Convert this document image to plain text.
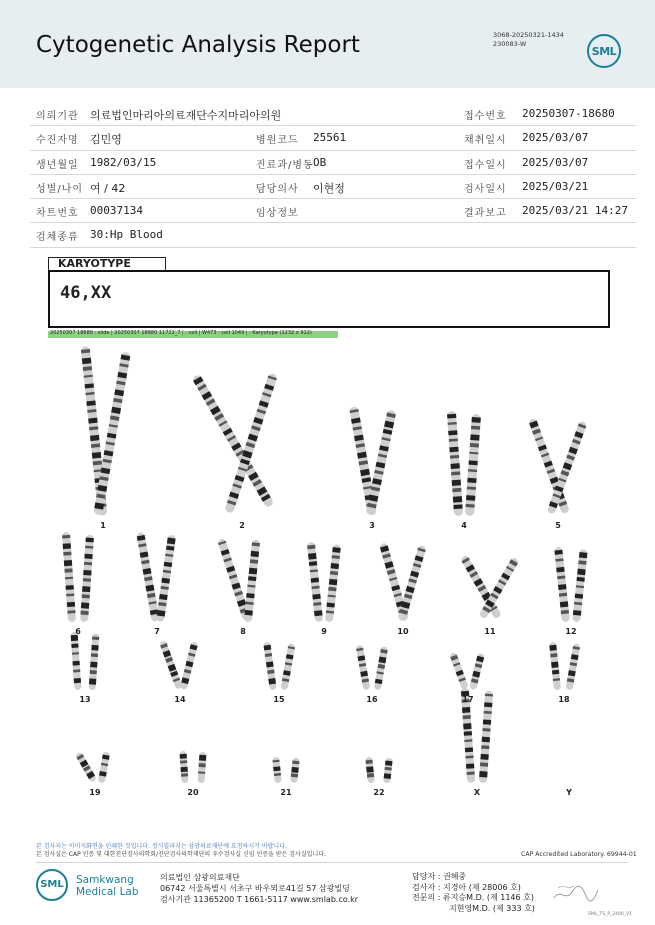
Cytogenetic Analysis Report	3068-20250321-1434
230083-W
SML
의뢰기관 의료법인마리아의료재단수지마리아의원	접수번호 20250307-18680
수진자명 김민영	병원코드 25561	채취일시 2025/03/07
생년월일 1982/03/15	진료과/병동 OB	접수일시 2025/03/07
성별/나이 여 / 42	담당의사 이현정	검사일시 2025/03/21
차트번호 00037134	임상정보	결과보고 2025/03/21 14:27
검체종류 30:Hp Blood
KARYOTYPE
46,XX
20250307 18680 : slide | 20250307 18680 11722_7 | : cell | W473 : cell 1049 | : Karyotype (1232 x 912)
1	2	3	4	5
6	7	8	9	10	11	12
13	14	15	16	17	18
19	20	21	22	X	Y
본 검사지는 이미지화면을 인쇄한 것입니다. 정식결과지는 삼광의료재단에 요청하시기 바랍니다.
본 검사실은 CAP 인증 및 대한진단검사의학회/진단검사의학재단의 우수검사실 신임 인증을 받은 검사실입니다.	CAP Accredited Laboratory. 69944-01
SML Samkwang
Medical Lab
의료법인 삼광의료재단
06742 서울특별시 서초구 바우뫼로41길 57 삼광빌딩
검사기관 11365200 T 1661-5117 www.smlab.co.kr
담당자 : 권혜중
검사자 : 지경아 (제 28006 호)
전문의 : 류지승M.D. (제 1146 호)
지현영M.D. (제 333 호)
SML_TS_P_2400_V1
